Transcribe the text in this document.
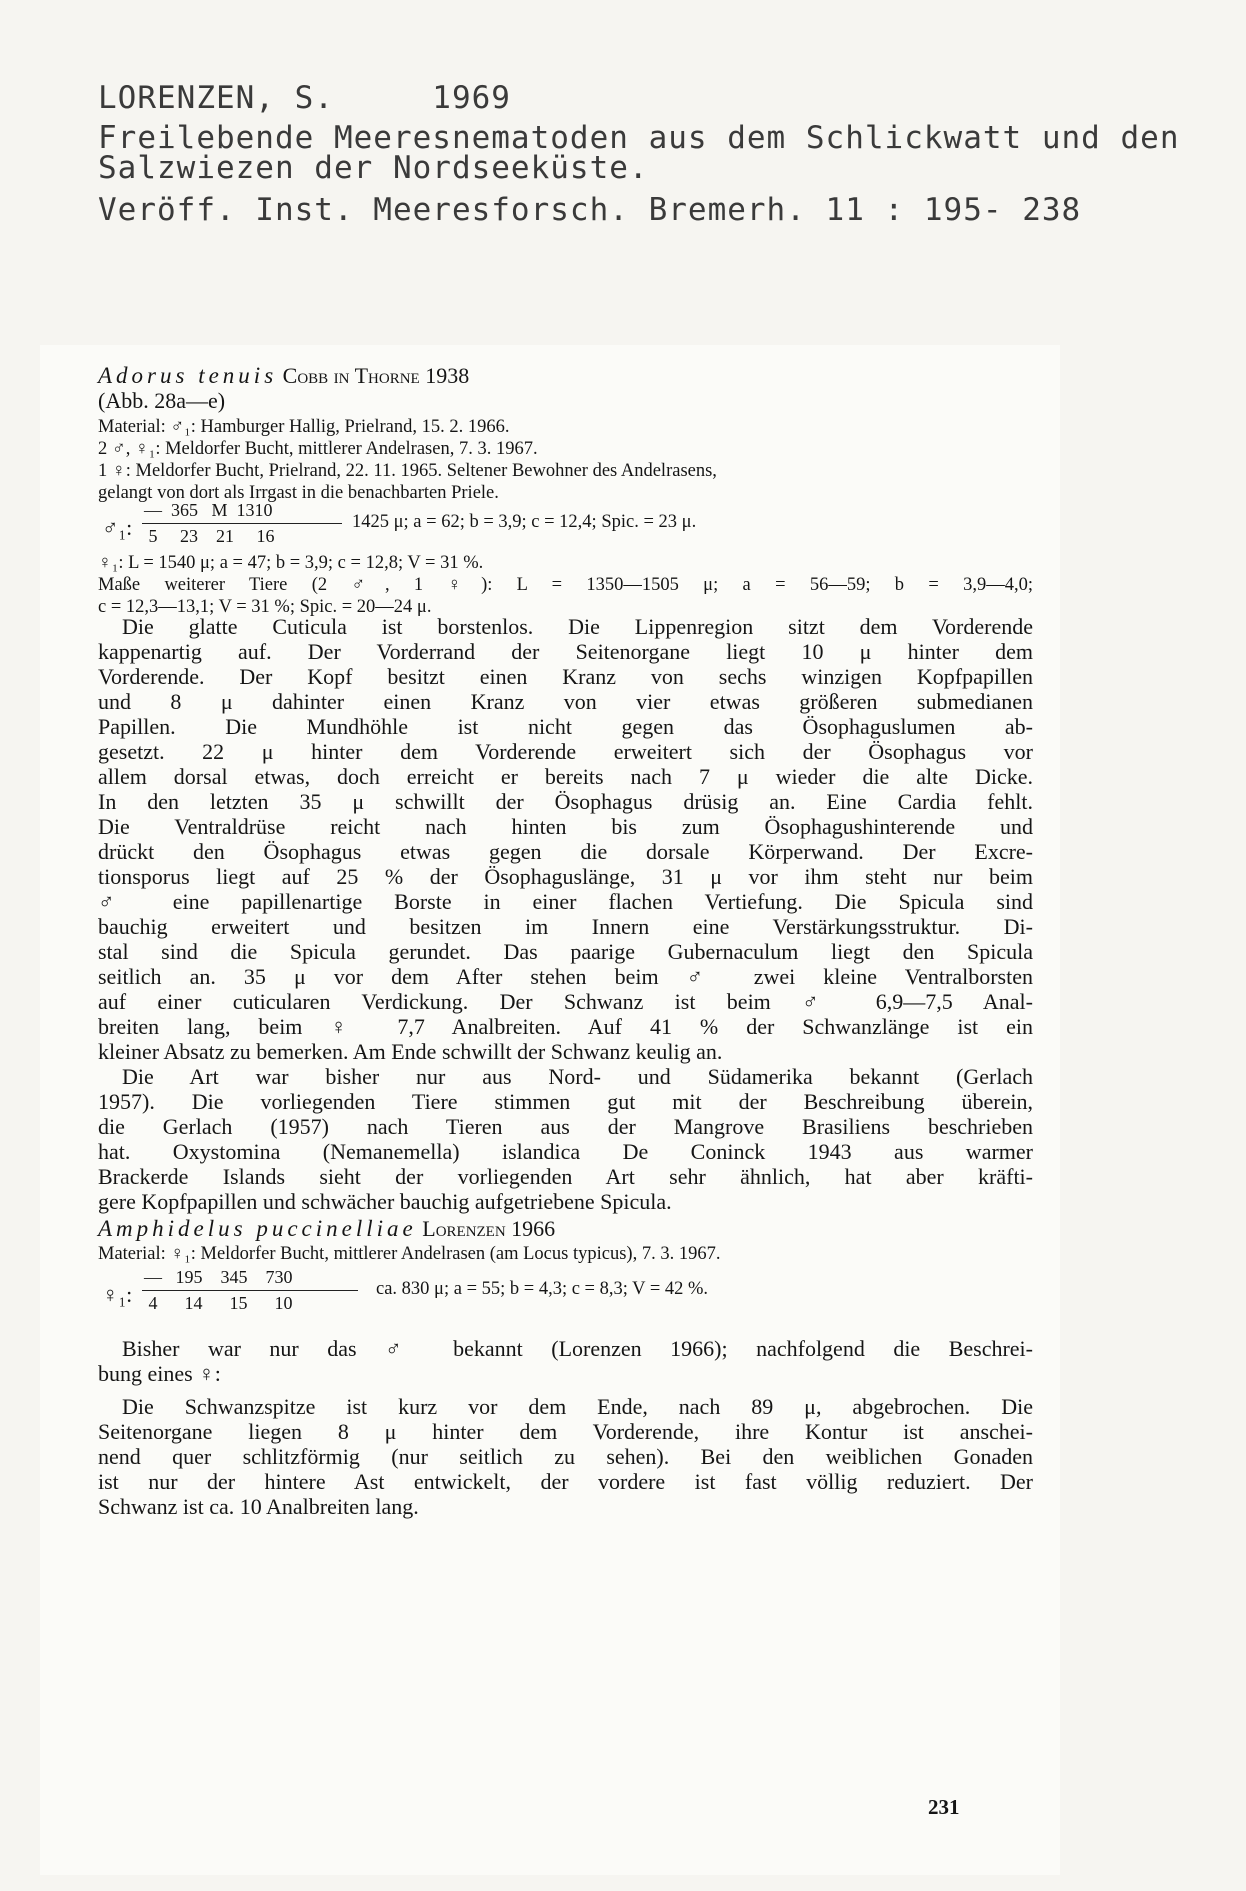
LORENZEN, S.     1969

Freilebende Meeresnematoden aus dem Schlickwatt und den

Salzwiezen der Nordseeküste.

Veröff. Inst. Meeresforsch. Bremerh. 11 : 195- 238

Adorus tenuis Cobb in Thorne 1938

(Abb. 28a—e)

Material: ♂₁: Hamburger Hallig, Prielrand, 15. 2. 1966.

2 ♂, ♀₁: Meldorfer Bucht, mittlerer Andelrasen, 7. 3. 1967.

1 ♀: Meldorfer Bucht, Prielrand, 22. 11. 1965. Seltener Bewohner des Andelrasens,

gelangt von dort als Irrgast in die benachbarten Priele.

♂₁:
—  365   M  1310
5     23    21     16
1425 μ; a = 62; b = 3,9; c = 12,4; Spic. = 23 μ.

♀₁: L = 1540 μ; a = 47; b = 3,9; c = 12,8; V = 31 %.

Maße weiterer Tiere (2 ♂, 1 ♀): L = 1350—1505 μ; a = 56—59; b = 3,9—4,0;

c = 12,3—13,1; V = 31 %; Spic. = 20—24 μ.

Die glatte Cuticula ist borstenlos. Die Lippenregion sitzt dem Vorderende

kappenartig auf. Der Vorderrand der Seitenorgane liegt 10 μ hinter dem

Vorderende. Der Kopf besitzt einen Kranz von sechs winzigen Kopfpapillen

und 8 μ dahinter einen Kranz von vier etwas größeren submedianen

Papillen. Die Mundhöhle ist nicht gegen das Ösophaguslumen ab-

gesetzt. 22 μ hinter dem Vorderende erweitert sich der Ösophagus vor

allem dorsal etwas, doch erreicht er bereits nach 7 μ wieder die alte Dicke.

In den letzten 35 μ schwillt der Ösophagus drüsig an. Eine Cardia fehlt.

Die Ventraldrüse reicht nach hinten bis zum Ösophagushinterende und

drückt den Ösophagus etwas gegen die dorsale Körperwand. Der Excre-

tionsporus liegt auf 25 % der Ösophaguslänge, 31 μ vor ihm steht nur beim

♂ eine papillenartige Borste in einer flachen Vertiefung. Die Spicula sind

bauchig erweitert und besitzen im Innern eine Verstärkungsstruktur. Di-

stal sind die Spicula gerundet. Das paarige Gubernaculum liegt den Spicula

seitlich an. 35 μ vor dem After stehen beim ♂ zwei kleine Ventralborsten

auf einer cuticularen Verdickung. Der Schwanz ist beim ♂ 6,9—7,5 Anal-

breiten lang, beim ♀ 7,7 Analbreiten. Auf 41 % der Schwanzlänge ist ein

kleiner Absatz zu bemerken. Am Ende schwillt der Schwanz keulig an.

Die Art war bisher nur aus Nord- und Südamerika bekannt (Gerlach

1957). Die vorliegenden Tiere stimmen gut mit der Beschreibung überein,

die Gerlach (1957) nach Tieren aus der Mangrove Brasiliens beschrieben

hat. Oxystomina (Nemanemella) islandica De Coninck 1943 aus warmer

Brackerde Islands sieht der vorliegenden Art sehr ähnlich, hat aber kräfti-

gere Kopfpapillen und schwächer bauchig aufgetriebene Spicula.

Amphidelus puccinelliae Lorenzen 1966

Material: ♀₁: Meldorfer Bucht, mittlerer Andelrasen (am Locus typicus), 7. 3. 1967.

♀₁:
—   195    345    730
4      14      15      10
ca. 830 μ; a = 55; b = 4,3; c = 8,3; V = 42 %.

Bisher war nur das ♂ bekannt (Lorenzen 1966); nachfolgend die Beschrei-

bung eines ♀:

Die Schwanzspitze ist kurz vor dem Ende, nach 89 μ, abgebrochen. Die

Seitenorgane liegen 8 μ hinter dem Vorderende, ihre Kontur ist anschei-

nend quer schlitzförmig (nur seitlich zu sehen). Bei den weiblichen Gonaden

ist nur der hintere Ast entwickelt, der vordere ist fast völlig reduziert. Der

Schwanz ist ca. 10 Analbreiten lang.

231
